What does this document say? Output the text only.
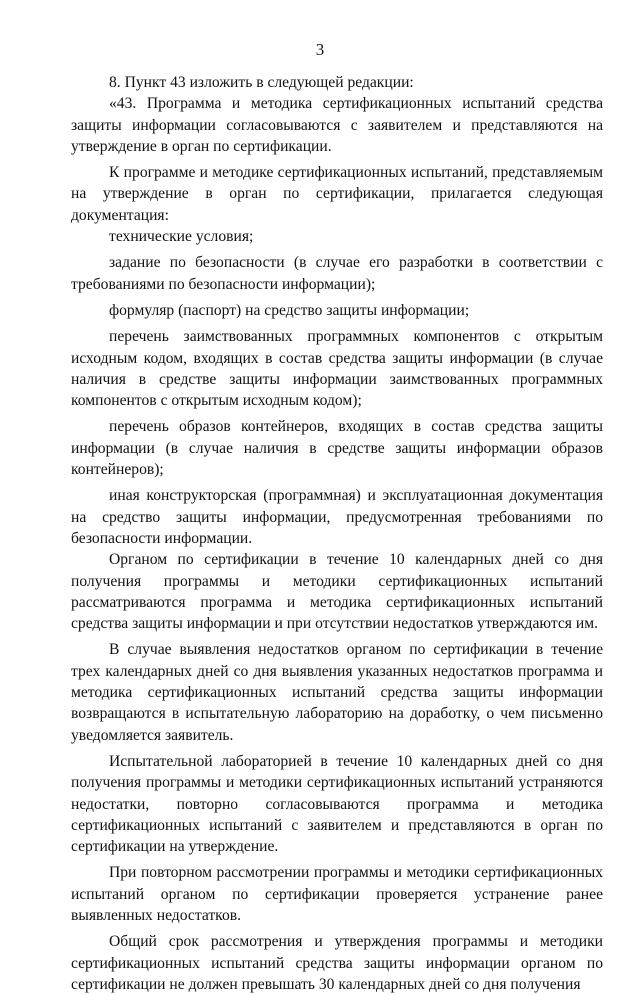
3

8. Пункт 43 изложить в следующей редакции:

«43. Программа и методика сертификационных испытаний средства защиты информации согласовываются с заявителем и представляются на утверждение в орган по сертификации.

К программе и методике сертификационных испытаний, представляемым на утверждение в орган по сертификации, прилагается следующая документация:

технические условия;

задание по безопасности (в случае его разработки в соответствии с требованиями по безопасности информации);

формуляр (паспорт) на средство защиты информации;

перечень заимствованных программных компонентов с открытым исходным кодом, входящих в состав средства защиты информации (в случае наличия в средстве защиты информации заимствованных программных компонентов с открытым исходным кодом);

перечень образов контейнеров, входящих в состав средства защиты информации (в случае наличия в средстве защиты информации образов контейнеров);

иная конструкторская (программная) и эксплуатационная документация на средство защиты информации, предусмотренная требованиями по безопасности информации.

Органом по сертификации в течение 10 календарных дней со дня получения программы и методики сертификационных испытаний рассматриваются программа и методика сертификационных испытаний средства защиты информации и при отсутствии недостатков утверждаются им.

В случае выявления недостатков органом по сертификации в течение трех календарных дней со дня выявления указанных недостатков программа и методика сертификационных испытаний средства защиты информации возвращаются в испытательную лабораторию на доработку, о чем письменно уведомляется заявитель.

Испытательной лабораторией в течение 10 календарных дней со дня получения программы и методики сертификационных испытаний устраняются недостатки, повторно согласовываются программа и методика сертификационных испытаний с заявителем и представляются в орган по сертификации на утверждение.

При повторном рассмотрении программы и методики сертификационных испытаний органом по сертификации проверяется устранение ранее выявленных недостатков.

Общий срок рассмотрения и утверждения программы и методики сертификационных испытаний средства защиты информации органом по сертификации не должен превышать 30 календарных дней со дня получения
